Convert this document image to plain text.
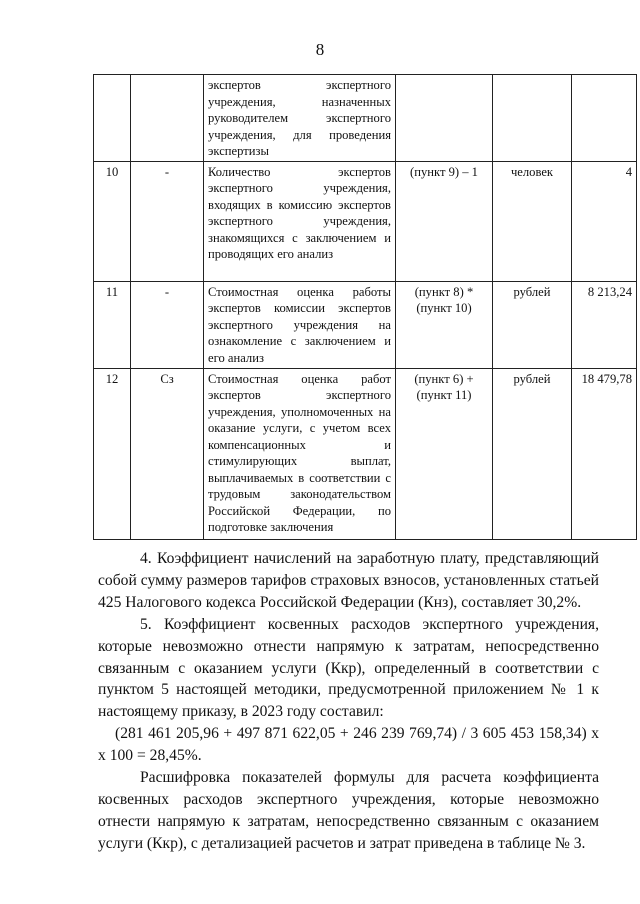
8
		экспертов экспертного учреждения, назначенных руководителем экспертного учреждения, для проведения экспертизы			
10	-	Количество экспертов экспертного учреждения, входящих в комиссию экспертов экспертного учреждения, знакомящихся с заключением и проводящих его анализ	(пункт 9) – 1	человек	4
11	-	Стоимостная оценка работы экспертов комиссии экспертов экспертного учреждения на ознакомление с заключением и его анализ	(пункт 8) * (пункт 10)	рублей	8 213,24
12	Сз	Стоимостная оценка работ экспертов экспертного учреждения, уполномоченных на оказание услуги, с учетом всех компенсационных и стимулирующих выплат, выплачиваемых в соответствии с трудовым законодательством Российской Федерации, по подготовке заключения	(пункт 6) + (пункт 11)	рублей	18 479,78

4. Коэффициент начислений на заработную плату, представляющий собой сумму размеров тарифов страховых взносов, установленных статьей 425 Налогового кодекса Российской Федерации (Кнз), составляет 30,2%.

5. Коэффициент косвенных расходов экспертного учреждения, которые невозможно отнести напрямую к затратам, непосредственно связанным с оказанием услуги (Ккр), определенный в соответствии с пунктом 5 настоящей методики, предусмотренной приложением № 1 к настоящему приказу, в 2023 году составил:

(281 461 205,96 + 497 871 622,05 + 246 239 769,74) / 3 605 453 158,34) х

х 100 = 28,45%.

Расшифровка показателей формулы для расчета коэффициента косвенных расходов экспертного учреждения, которые невозможно отнести напрямую к затратам, непосредственно связанным с оказанием услуги (Ккр), с детализацией расчетов и затрат приведена в таблице № 3.
